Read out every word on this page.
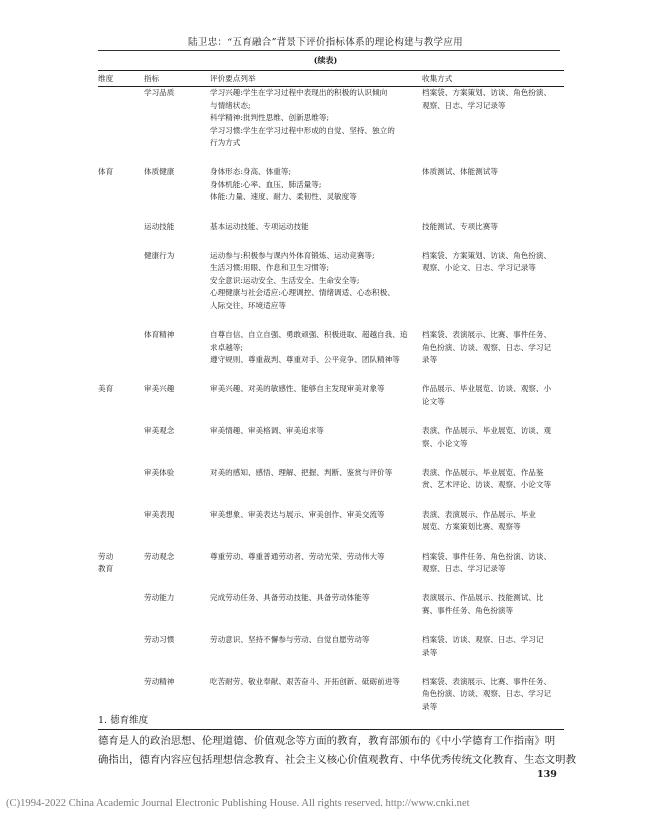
陆卫忠：“五育融合”背景下评价指标体系的理论构建与教学应用
(续表)
维度	指标	评价要点列举	收集方式
	学习品质	学习兴趣:学生在学习过程中表现出的积极的认识倾向
与情绪状态;
科学精神:批判性思维、创新思维等;
学习习惯:学生在学习过程中形成的自觉、坚持、独立的
行为方式	档案袋、方案策划、访谈、角色扮演、
观察、日志、学习记录等

体育	体质健康	身体形态:身高、体重等;
身体机能:心率、血压、肺活量等;
体能:力量、速度、耐力、柔韧性、灵敏度等	体质测试、体能测试等

	运动技能	基本运动技能、专项运动技能	技能测试、专项比赛等

	健康行为	运动参与:积极参与课内外体育锻炼、运动竞赛等;
生活习惯:用眼、作息和卫生习惯等;
安全意识:运动安全、生活安全、生命安全等;
心理健康与社会适应:心理调控、情绪调适、心态积极、
人际交往、环境适应等	档案袋、方案策划、访谈、角色扮演、
观察、小论文、日志、学习记录等

	体育精神	自尊自信、自立自强、勇敢顽强、积极进取、超越自我、追
求卓越等;
遵守规则、尊重裁判、尊重对手、公平竞争、团队精神等	档案袋、表演展示、比赛、事件任务、
角色扮演、访谈、观察、日志、学习记
录等

美育	审美兴趣	审美兴趣、对美的敏感性、能够自主发现审美对象等	作品展示、毕业展览、访谈、观察、小
论文等

	审美观念	审美情趣、审美格调、审美追求等	表演、作品展示、毕业展览、访谈、观
察、小论文等

	审美体验	对美的感知、感悟、理解、把握、判断、鉴赏与评价等	表演、作品展示、毕业展览、作品鉴
赏、艺术评论、访谈、观察、小论文等

	审美表现	审美想象、审美表达与展示、审美创作、审美交流等	表演、表演展示、作品展示、毕业
展览、方案策划比赛、观察等

劳动
教育	劳动观念	尊重劳动、尊重普通劳动者、劳动光荣、劳动伟大等	档案袋、事件任务、角色扮演、访谈、
观察、日志、学习记录等

	劳动能力	完成劳动任务、具备劳动技能、具备劳动体能等	表演展示、作品展示、技能测试、比
赛、事件任务、角色扮演等

	劳动习惯	劳动意识、坚持不懈参与劳动、自觉自愿劳动等	档案袋、访谈、观察、日志、学习记
录等

	劳动精神	吃苦耐劳、敬业奉献、艰苦奋斗、开拓创新、砥砺前进等	档案袋、表演展示、比赛、事件任务、
角色扮演、访谈、观察、日志、学习记
录等
1. 德育维度
德育是人的政治思想、伦理道德、价值观念等方面的教育，教育部颁布的《中小学德育工作指南》明
确指出，德育内容应包括理想信念教育、社会主义核心价值观教育、中华优秀传统文化教育、生态文明教
139
(C)1994-2022 China Academic Journal Electronic Publishing House. All rights reserved. http://www.cnki.net
